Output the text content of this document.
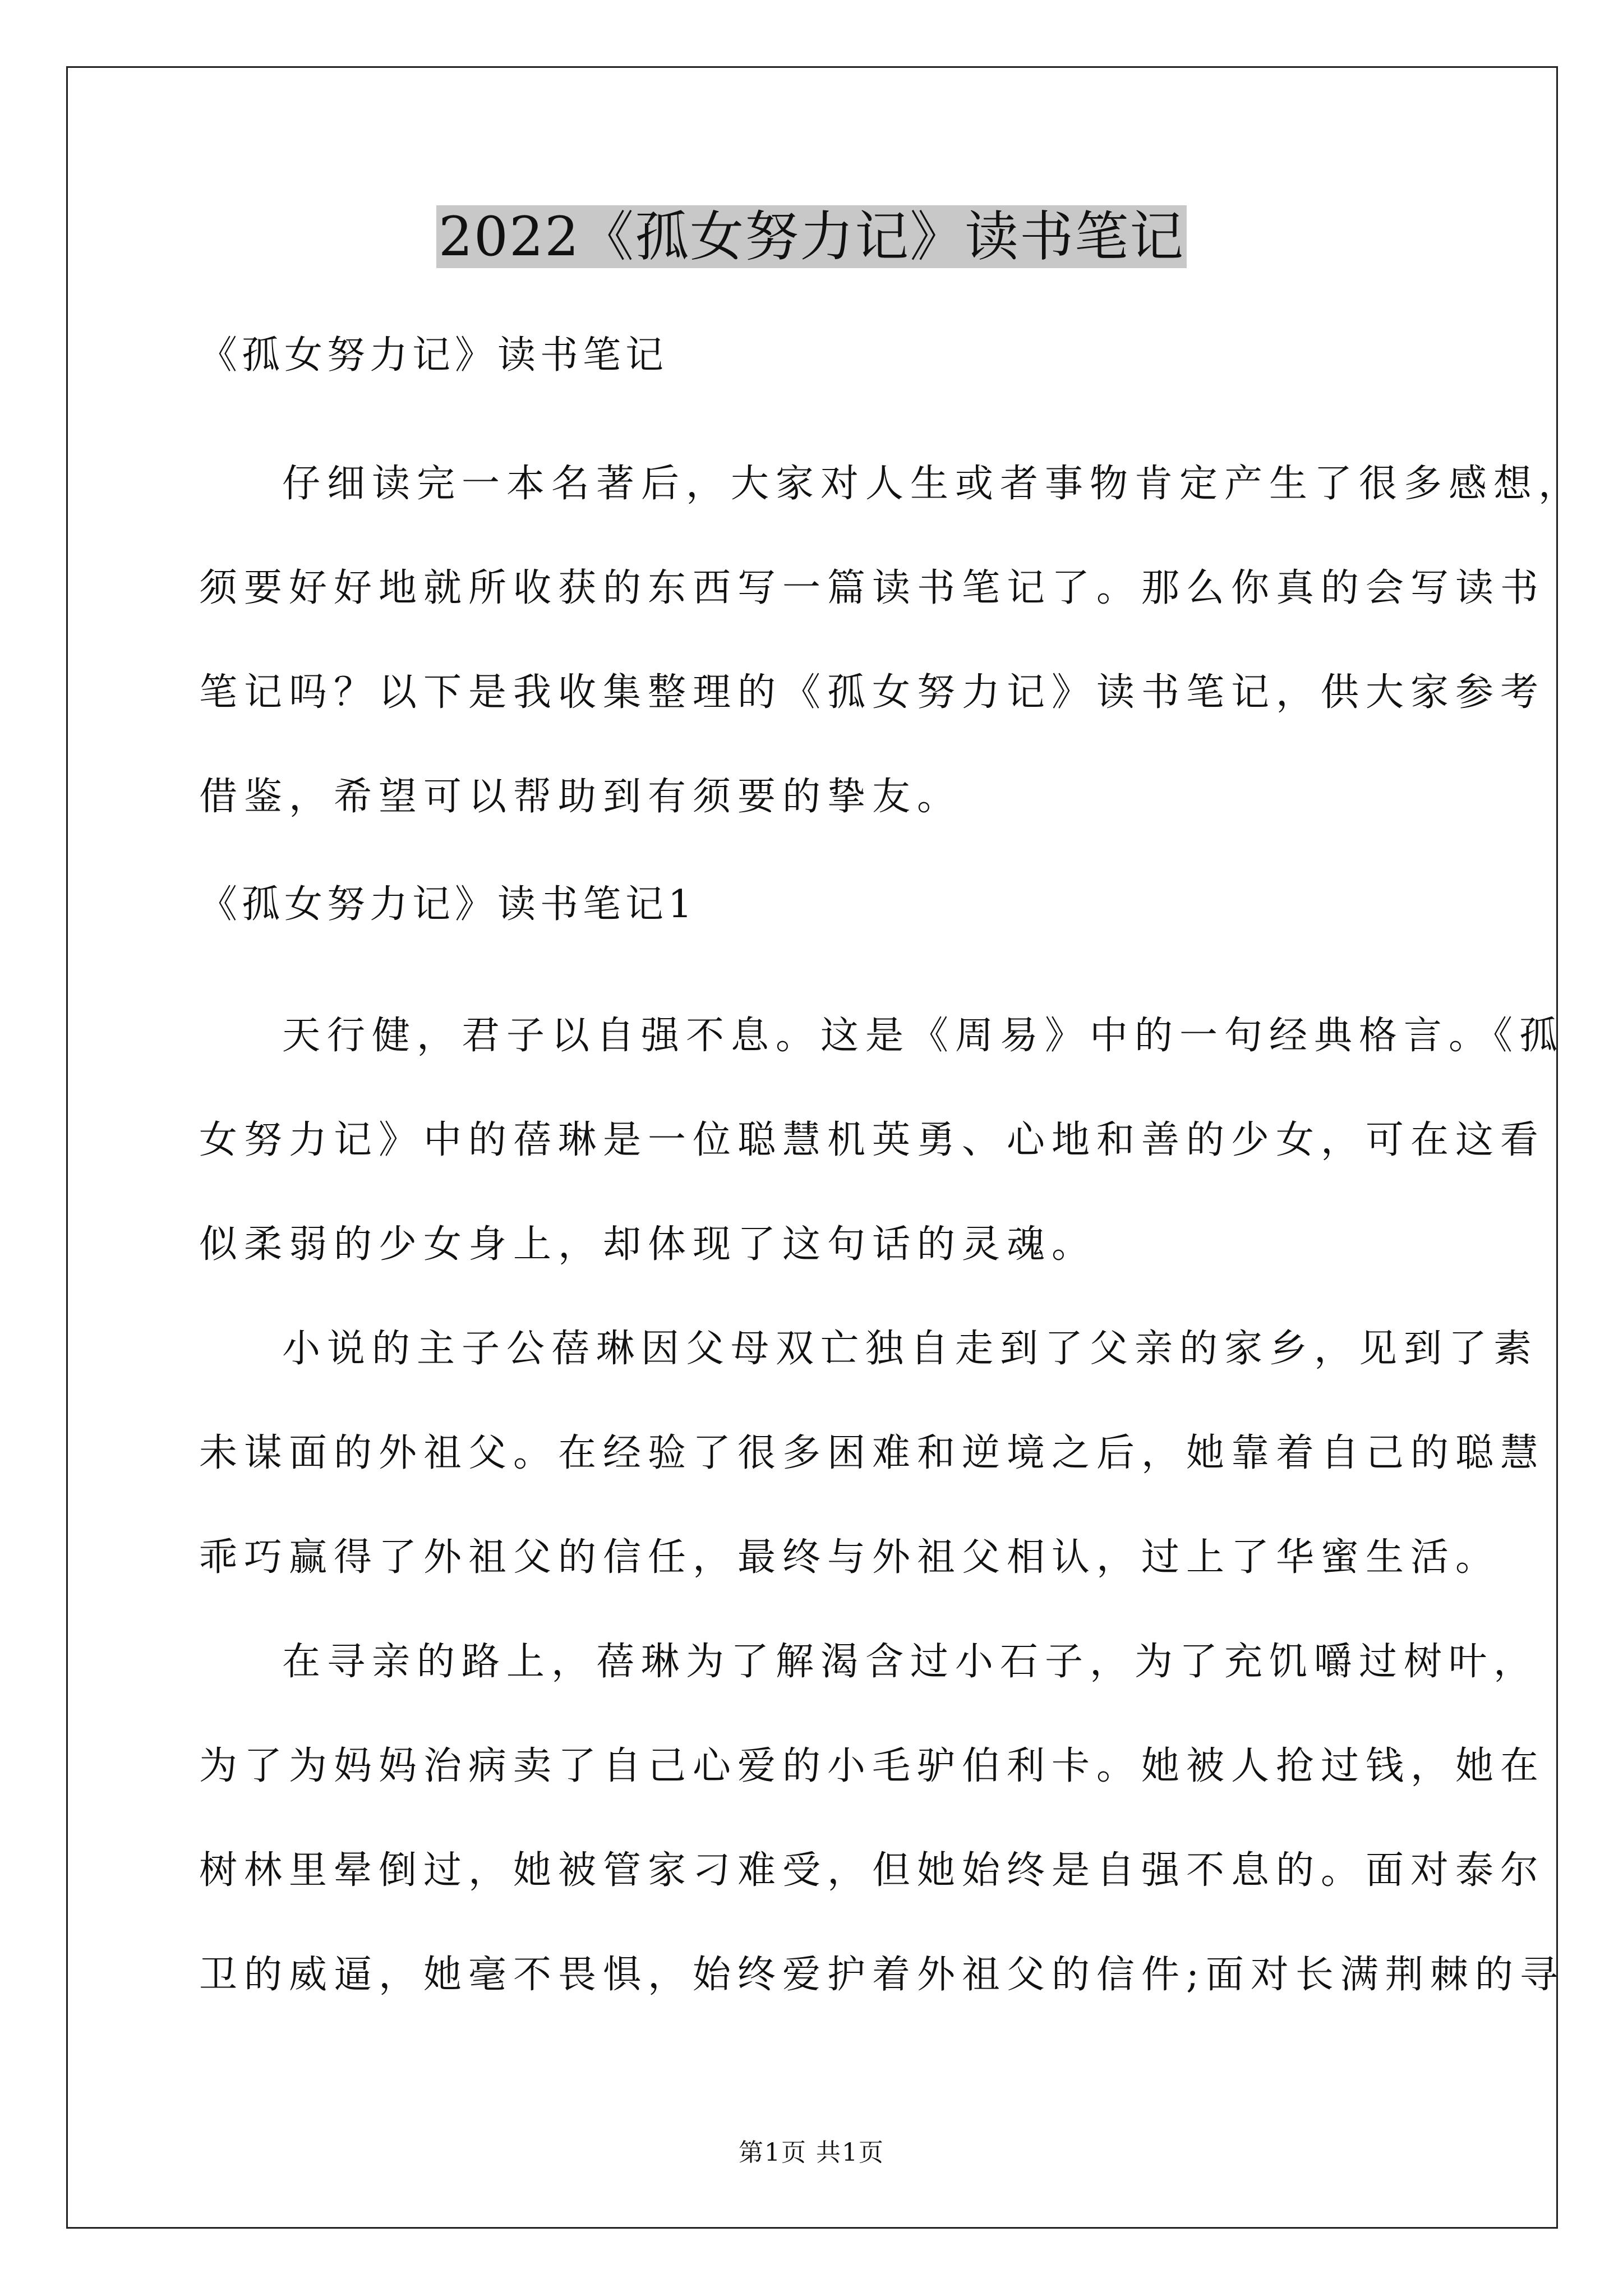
2022《孤女努力记》读书笔记
《孤女努力记》读书笔记
仔细读完一本名著后，大家对人生或者事物肯定产生了很多感想，
须要好好地就所收获的东西写一篇读书笔记了。那么你真的会写读书
笔记吗？以下是我收集整理的《孤女努力记》读书笔记，供大家参考
借鉴，希望可以帮助到有须要的挚友。
《孤女努力记》读书笔记1
天行健，君子以自强不息。这是《周易》中的一句经典格言。《孤
女努力记》中的蓓琳是一位聪慧机英勇、心地和善的少女，可在这看
似柔弱的少女身上，却体现了这句话的灵魂。
小说的主子公蓓琳因父母双亡独自走到了父亲的家乡，见到了素
未谋面的外祖父。在经验了很多困难和逆境之后，她靠着自己的聪慧
乖巧赢得了外祖父的信任，最终与外祖父相认，过上了华蜜生活。
在寻亲的路上，蓓琳为了解渴含过小石子，为了充饥嚼过树叶，
为了为妈妈治病卖了自己心爱的小毛驴伯利卡。她被人抢过钱，她在
树林里晕倒过，她被管家刁难受，但她始终是自强不息的。面对泰尔
卫的威逼，她毫不畏惧，始终爱护着外祖父的信件;面对长满荆棘的寻
第1页 共1页
